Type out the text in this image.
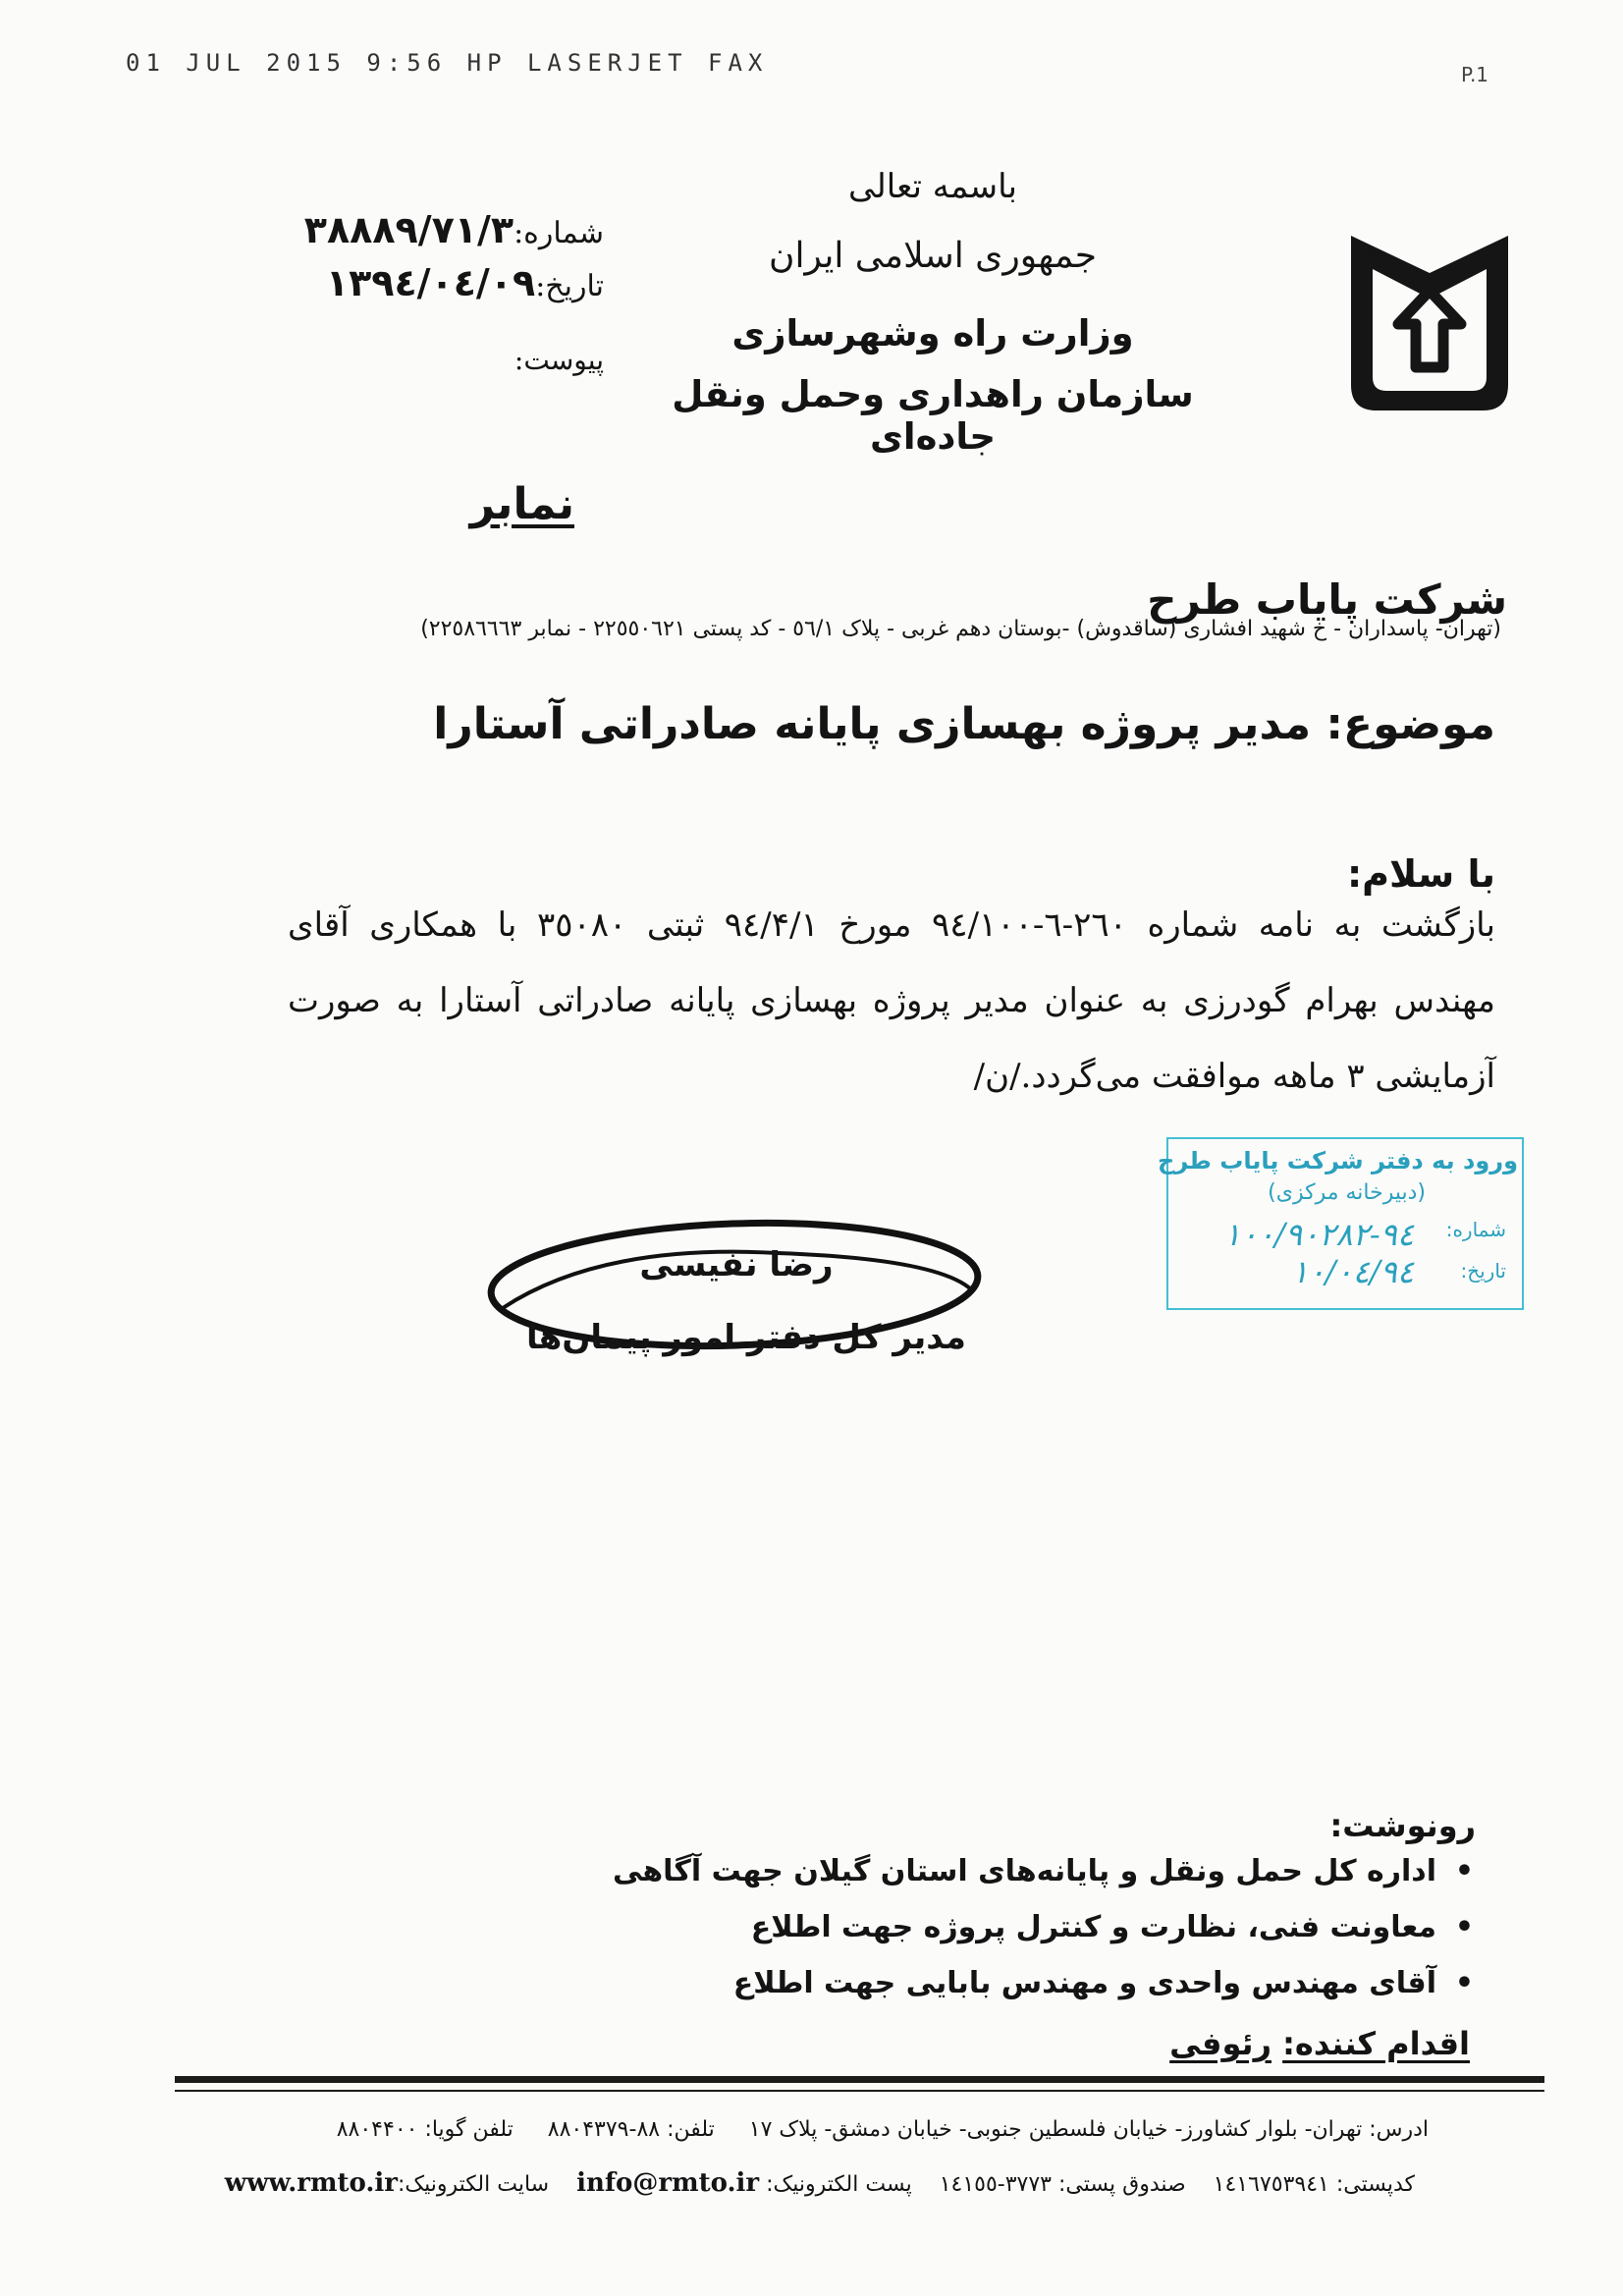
01 JUL 2015 9:56 HP LASERJET FAX	P.1
باسمه تعالی
جمهوری اسلامی ایران
وزارت راه وشهرسازی
سازمان راهداری وحمل ونقل جاده‌ای
شماره:۳۸۸۸۹/۷۱/۳
تاریخ:۱۳۹٤/۰٤/۰۹
پیوست:
نمابر
شرکت پایاب طرح
(تهران- پاسداران - خ شهید افشاری (ساقدوش) -بوستان دهم غربی - پلاک ٥٦/۱ - کد پستی ۲۲٥٥۰٦۲۱ - نمابر ۲۲٥۸٦٦٦۳)
موضوع: مدیر پروژه بهسازی پایانه صادراتی آستارا
با سلام:
بازگشت به نامه شماره ۲٦۰-٦-۹٤/۱۰۰ مورخ ۹٤/۴/۱ ثبتی ۳٥۰۸۰ با همکاری آقای مهندس بهرام گودرزی به عنوان مدیر پروژه بهسازی پایانه صادراتی آستارا به صورت آزمایشی ۳ ماهه موافقت می‌گردد./ن/
ورود به دفتر شرکت پایاب طرح
(دبیرخانه مرکزی)
شماره:
۹۰۲۸۲-۹٤/۱۰۰
تاریخ:
۹٤/۰٤/۱۰
رضا نفیسی
مدیر کل دفتر امور پیمان‌ها
رونوشت:
• اداره کل حمل ونقل و پایانه‌های استان گیلان جهت آگاهی
• معاونت فنی، نظارت و کنترل پروژه جهت اطلاع
• آقای مهندس واحدی و مهندس بابایی جهت اطلاع
اقدام کننده: رئوفی
ادرس: تهران- بلوار کشاورز- خیابان فلسطین جنوبی- خیابان دمشق- پلاک ۱۷     تلفن: ۸۸-۸۸۰۴۳۷۹     تلفن گویا: ۸۸۰۴۴۰۰
کدپستی: ۱٤۱٦۷٥۳۹٤۱    صندوق پستی: ۳۷۷۳-۱٤۱٥٥    پست الکترونیک: info@rmto.ir    سایت الکترونیک:www.rmto.ir
